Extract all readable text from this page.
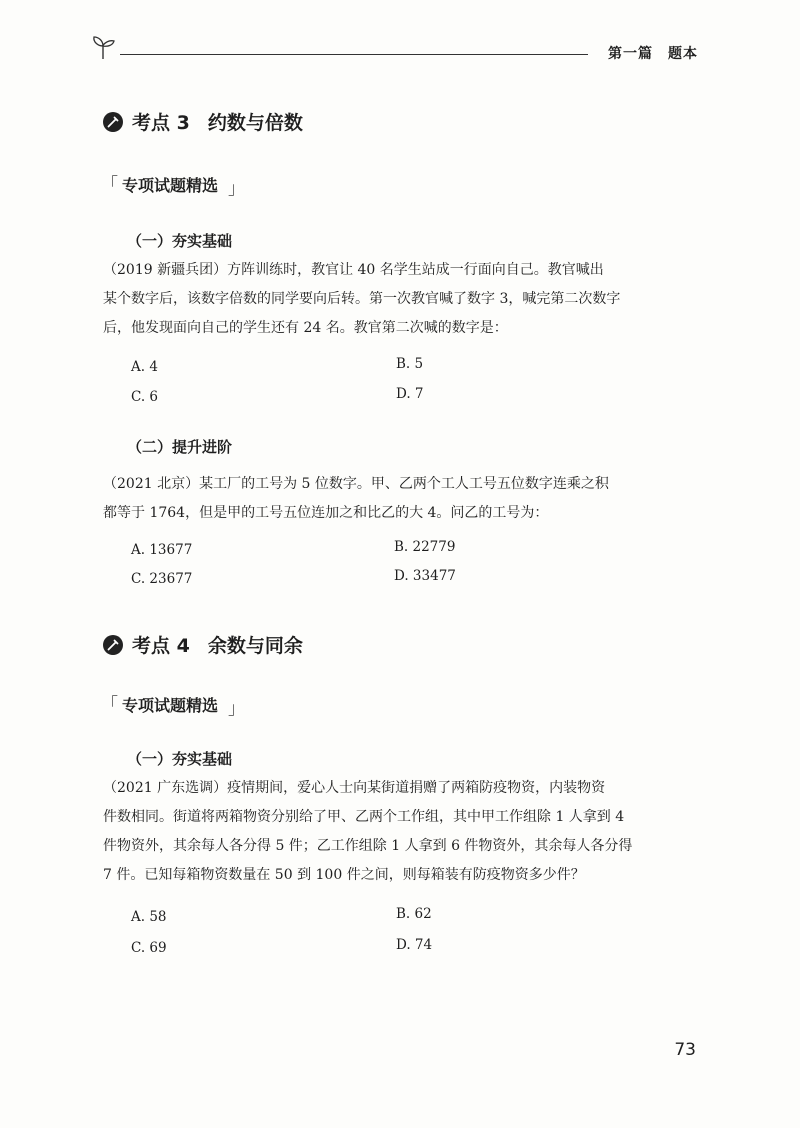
第一篇　题本
考点 3 约数与倍数
「 专项试题精选 」
（一）夯实基础
（2019 新疆兵团）方阵训练时，教官让 40 名学生站成一行面向自己。教官喊出
某个数字后，该数字倍数的同学要向后转。第一次教官喊了数字 3，喊完第二次数字
后，他发现面向自己的学生还有 24 名。教官第二次喊的数字是：
A. 4	B. 5
C. 6	D. 7
（二）提升进阶
（2021 北京）某工厂的工号为 5 位数字。甲、乙两个工人工号五位数字连乘之积
都等于 1764，但是甲的工号五位连加之和比乙的大 4。问乙的工号为：
A. 13677	B. 22779
C. 23677	D. 33477
考点 4 余数与同余
「 专项试题精选 」
（一）夯实基础
（2021 广东选调）疫情期间，爱心人士向某街道捐赠了两箱防疫物资，内装物资
件数相同。街道将两箱物资分别给了甲、乙两个工作组，其中甲工作组除 1 人拿到 4
件物资外，其余每人各分得 5 件；乙工作组除 1 人拿到 6 件物资外，其余每人各分得
7 件。已知每箱物资数量在 50 到 100 件之间，则每箱装有防疫物资多少件？
A. 58	B. 62
C. 69	D. 74
73
